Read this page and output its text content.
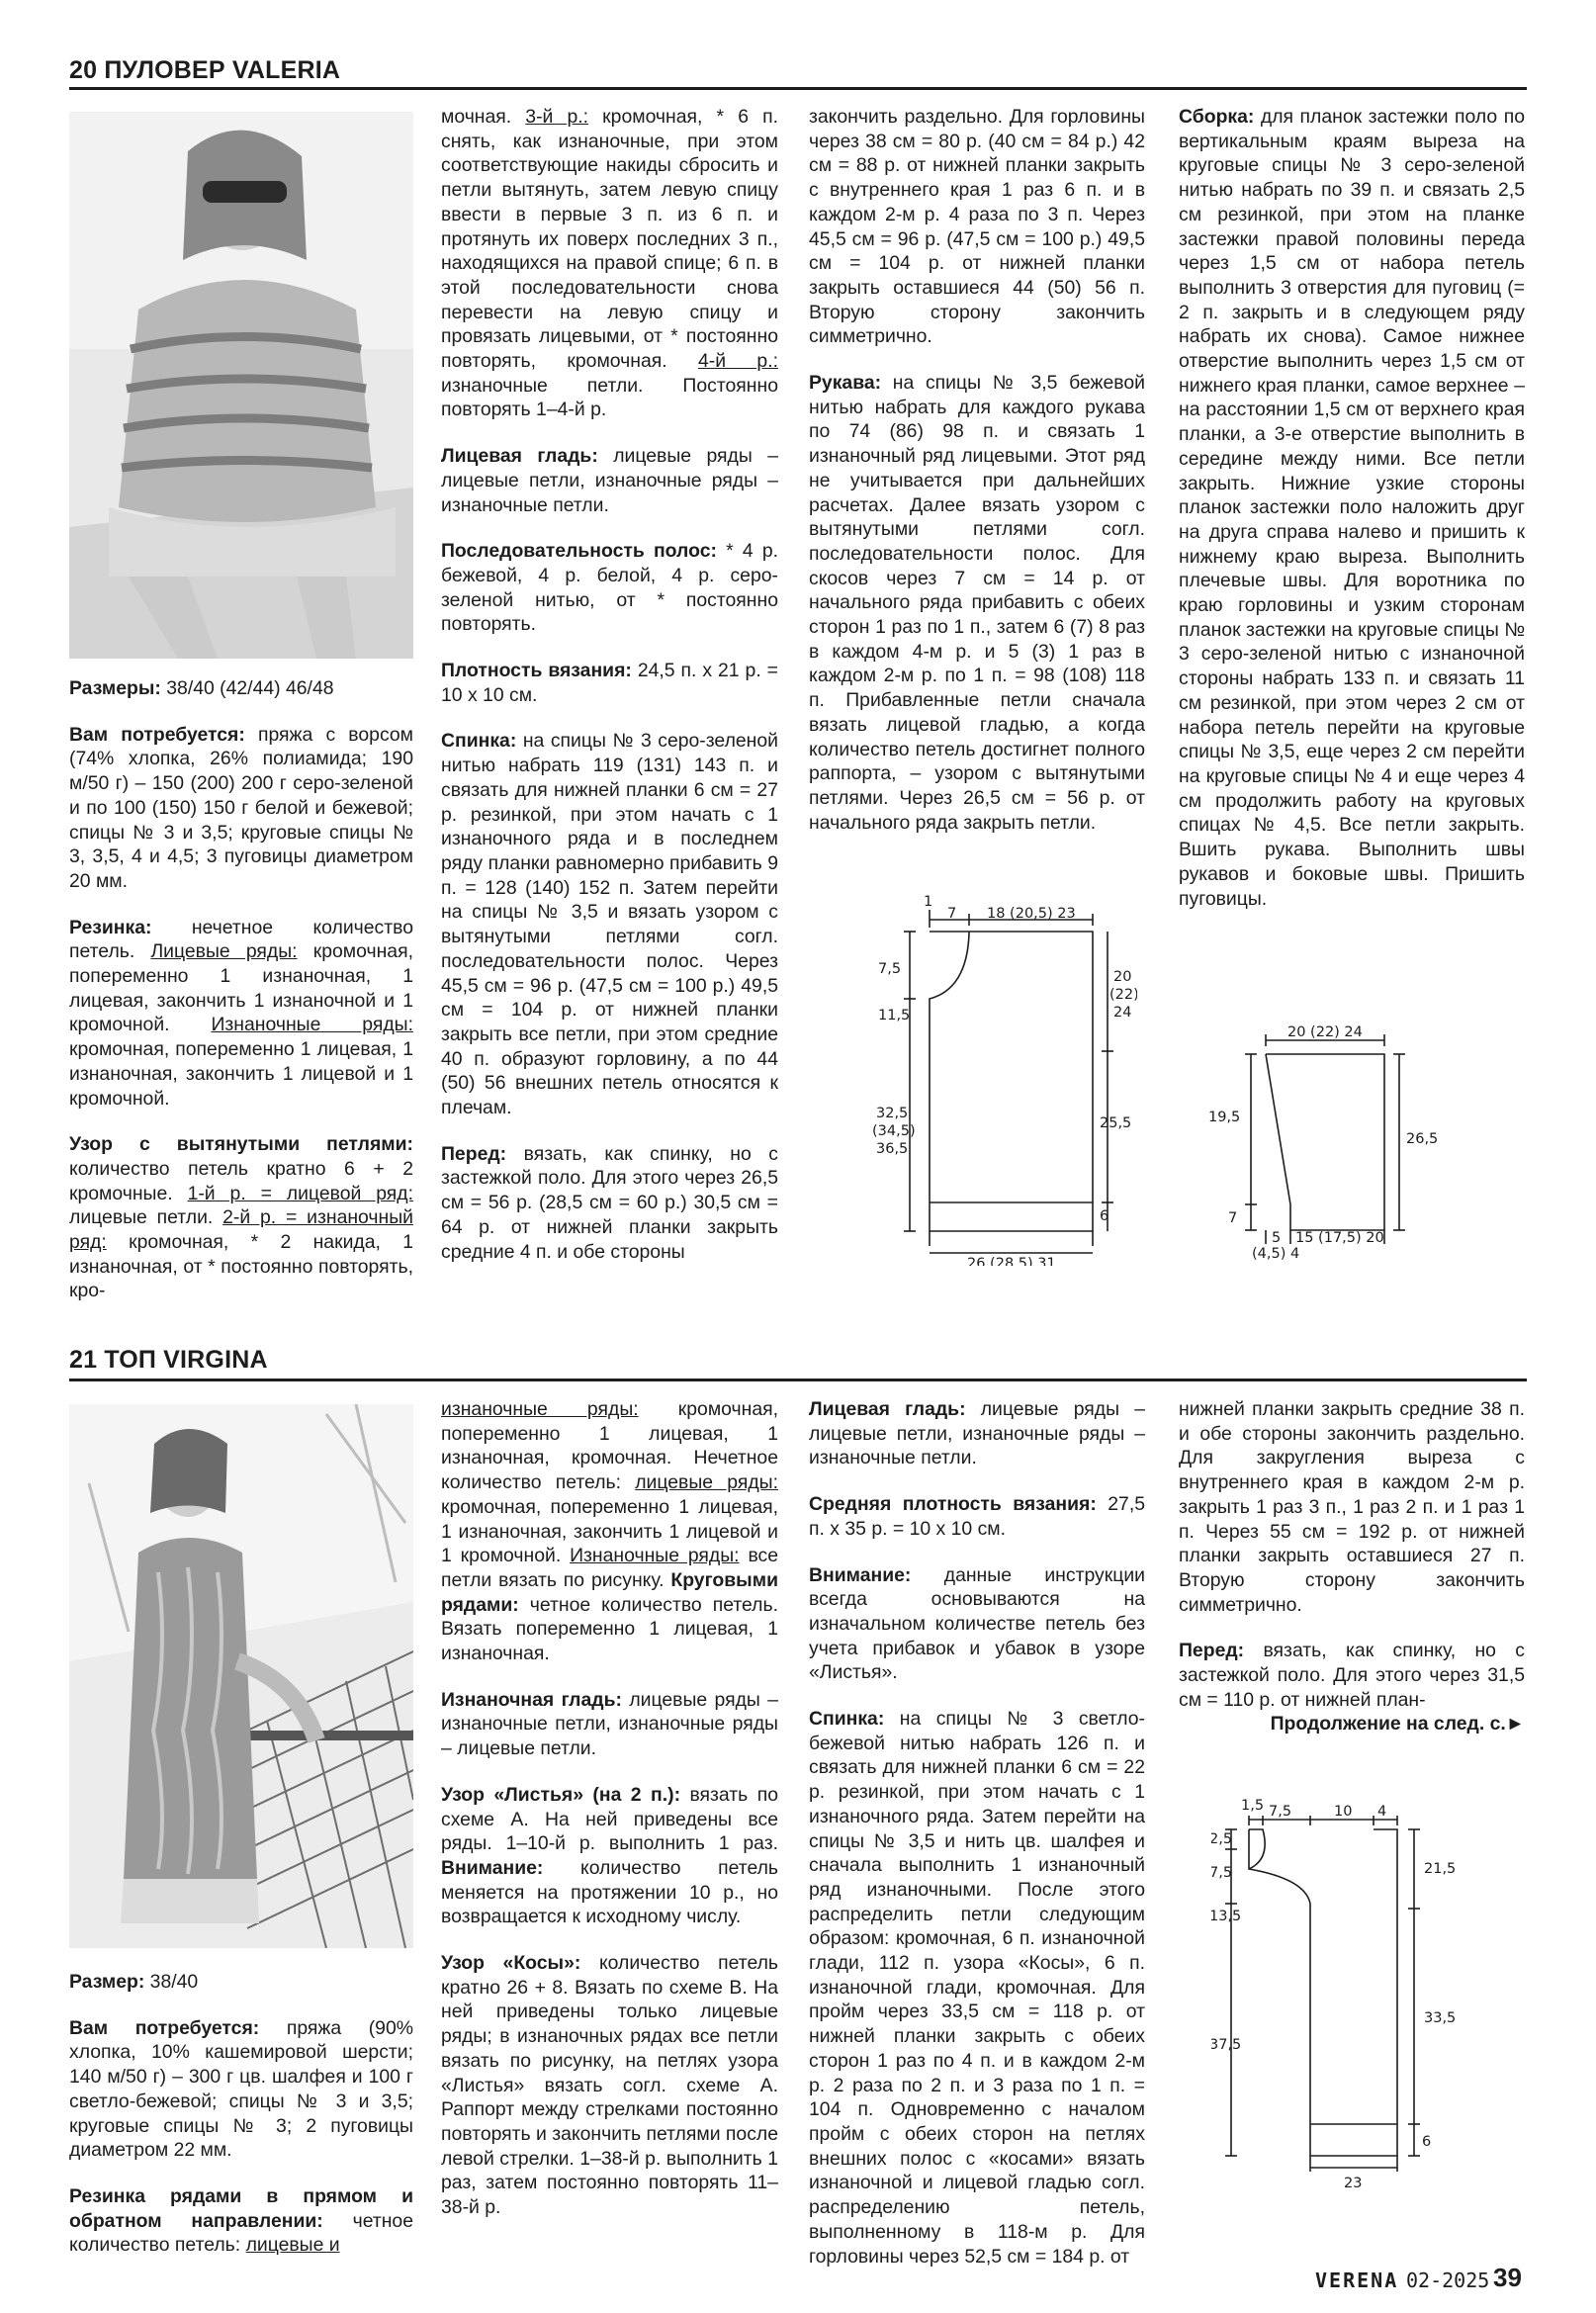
20 ПУЛОВЕР VALERIA

Размеры: 38/40 (42/44) 46/48

Вам потребуется: пряжа с ворсом (74% хлопка, 26% полиамида; 190 м/50 г) – 150 (200) 200 г серо-зеленой и по 100 (150) 150 г белой и бежевой; спицы № 3 и 3,5; круговые спицы № 3, 3,5, 4 и 4,5; 3 пуговицы диаметром 20 мм.

Резинка: нечетное количество петель. Лицевые ряды: кромочная, попеременно 1 изнаночная, 1 лицевая, закончить 1 изнаночной и 1 кромочной. Изнаночные ряды: кромочная, попеременно 1 лицевая, 1 изнаночная, закончить 1 лицевой и 1 кромочной.

Узор с вытянутыми петлями: количество петель кратно 6 + 2 кромочные. 1-й р. = лицевой ряд: лицевые петли. 2-й р. = изнаночный ряд: кромочная, * 2 накида, 1 изнаночная, от * постоянно повторять, кро-

мочная. 3-й р.: кромочная, * 6 п. снять, как изнаночные, при этом соответствующие накиды сбросить и петли вытянуть, затем левую спицу ввести в первые 3 п. из 6 п. и протянуть их поверх последних 3 п., находящихся на правой спице; 6 п. в этой последовательности снова перевести на левую спицу и провязать лицевыми, от * постоянно повторять, кромочная. 4-й р.: изнаночные петли. Постоянно повторять 1–4-й р.

Лицевая гладь: лицевые ряды – лицевые петли, изнаночные ряды – изнаночные петли.

Последовательность полос: * 4 р. бежевой, 4 р. белой, 4 р. серо-зеленой нитью, от * постоянно повторять.

Плотность вязания: 24,5 п. х 21 р. = 10 х 10 см.

Спинка: на спицы № 3 серо-зеленой нитью набрать 119 (131) 143 п. и связать для нижней планки 6 см = 27 р. резинкой, при этом начать с 1 изнаночного ряда и в последнем ряду планки равномерно прибавить 9 п. = 128 (140) 152 п. Затем перейти на спицы № 3,5 и вязать узором с вытянутыми петлями согл. последовательности полос. Через 45,5 см = 96 р. (47,5 см = 100 р.) 49,5 см = 104 р. от нижней планки закрыть все петли, при этом средние 40 п. образуют горловину, а по 44 (50) 56 внешних петель относятся к плечам.

Перед: вязать, как спинку, но с застежкой поло. Для этого через 26,5 см = 56 р. (28,5 см = 60 р.) 30,5 см = 64 р. от нижней планки закрыть средние 4 п. и обе стороны

закончить раздельно. Для горловины через 38 см = 80 р. (40 см = 84 р.) 42 см = 88 р. от нижней планки закрыть с внутреннего края 1 раз 6 п. и в каждом 2-м р. 4 раза по 3 п. Через 45,5 см = 96 р. (47,5 см = 100 р.) 49,5 см = 104 р. от нижней планки закрыть оставшиеся 44 (50) 56 п. Вторую сторону закончить симметрично.

Рукава: на спицы № 3,5 бежевой нитью набрать для каждого рукава по 74 (86) 98 п. и связать 1 изнаночный ряд лицевыми. Этот ряд не учитывается при дальнейших расчетах. Далее вязать узором с вытянутыми петлями согл. последовательности полос. Для скосов через 7 см = 14 р. от начального ряда прибавить с обеих сторон 1 раз по 1 п., затем 6 (7) 8 раз в каждом 4-м р. и 5 (3) 1 раз в каждом 2-м р. по 1 п. = 98 (108) 118 п. Прибавленные петли сначала вязать лицевой гладью, а когда количество петель достигнет полного раппорта, – узором с вытянутыми петлями. Через 26,5 см = 56 р. от начального ряда закрыть петли.

Сборка: для планок застежки поло по вертикальным краям выреза на круговые спицы № 3 серо-зеленой нитью набрать по 39 п. и связать 2,5 см резинкой, при этом на планке застежки правой половины переда через 1,5 см от набора петель выполнить 3 отверстия для пуговиц (= 2 п. закрыть и в следующем ряду набрать их снова). Самое нижнее отверстие выполнить через 1,5 см от нижнего края планки, самое верхнее – на расстоянии 1,5 см от верхнего края планки, а 3-е отверстие выполнить в середине между ними. Все петли закрыть. Нижние узкие стороны планок застежки поло наложить друг на друга справа налево и пришить к нижнему краю выреза. Выполнить плечевые швы. Для воротника по краю горловины и узким сторонам планок застежки на круговые спицы № 3 серо-зеленой нитью с изнаночной стороны набрать 133 п. и связать 11 см резинкой, при этом через 2 см от набора петель перейти на круговые спицы № 3,5, еще через 2 см перейти на круговые спицы № 4 и еще через 4 см продолжить работу на круговых спицах № 4,5. Все петли закрыть. Вшить рукава. Выполнить швы рукавов и боковые швы. Пришить пуговицы.

1
7 18 (20,5) 23
7,5
11,5
20
(22)
24
25,5
32,5
(34,5)
36,5
6
26 (28,5) 31
20 (22) 24
19,5
26,5
7
5
(4,5) 4
15 (17,5) 20
21 ТОП VIRGINA

Размер: 38/40

Вам потребуется: пряжа (90% хлопка, 10% кашемировой шерсти; 140 м/50 г) – 300 г цв. шалфея и 100 г светло-бежевой; спицы № 3 и 3,5; круговые спицы № 3; 2 пуговицы диаметром 22 мм.

Резинка рядами в прямом и обратном направлении: четное количество петель: лицевые и

изнаночные ряды: кромочная, попеременно 1 лицевая, 1 изнаночная, кромочная. Нечетное количество петель: лицевые ряды: кромочная, попеременно 1 лицевая, 1 изнаночная, закончить 1 лицевой и 1 кромочной. Изнаночные ряды: все петли вязать по рисунку. Круговыми рядами: четное количество петель. Вязать попеременно 1 лицевая, 1 изнаночная.

Изнаночная гладь: лицевые ряды – изнаночные петли, изнаночные ряды – лицевые петли.

Узор «Листья» (на 2 п.): вязать по схеме А. На ней приведены все ряды. 1–10-й р. выполнить 1 раз. Внимание: количество петель меняется на протяжении 10 р., но возвращается к исходному числу.

Узор «Косы»: количество петель кратно 26 + 8. Вязать по схеме В. На ней приведены только лицевые ряды; в изнаночных рядах все петли вязать по рисунку, на петлях узора «Листья» вязать согл. схеме А. Раппорт между стрелками постоянно повторять и закончить петлями после левой стрелки. 1–38-й р. выполнить 1 раз, затем постоянно повторять 11–38-й р.

Лицевая гладь: лицевые ряды – лицевые петли, изнаночные ряды – изнаночные петли.

Средняя плотность вязания: 27,5 п. х 35 р. = 10 х 10 см.

Внимание: данные инструкции всегда основываются на изначальном количестве петель без учета прибавок и убавок в узоре «Листья».

Спинка: на спицы № 3 светло-бежевой нитью набрать 126 п. и связать для нижней планки 6 см = 22 р. резинкой, при этом начать с 1 изнаночного ряда. Затем перейти на спицы № 3,5 и нить цв. шалфея и сначала выполнить 1 изнаночный ряд изнаночными. После этого распределить петли следующим образом: кромочная, 6 п. изнаночной глади, 112 п. узора «Косы», 6 п. изнаночной глади, кромочная. Для пройм через 33,5 см = 118 р. от нижней планки закрыть с обеих сторон 1 раз по 4 п. и в каждом 2-м р. 2 раза по 2 п. и 3 раза по 1 п. = 104 п. Одновременно с началом пройм с обеих сторон на петлях внешних полос с «косами» вязать изнаночной и лицевой гладью согл. распределению петель, выполненному в 118-м р. Для горловины через 52,5 см = 184 р. от

нижней планки закрыть средние 38 п. и обе стороны закончить раздельно. Для закругления выреза с внутреннего края в каждом 2-м р. закрыть 1 раз 3 п., 1 раз 2 п. и 1 раз 1 п. Через 55 см = 192 р. от нижней планки закрыть оставшиеся 27 п. Вторую сторону закончить симметрично.

Перед: вязать, как спинку, но с застежкой поло. Для этого через 31,5 см = 110 р. от нижней план-

Продолжение на след. с.►
1,5 7,5	10 4
2,5
7,5
13,5
21,5
33,5
37,5
6
23
VERENA 02-2025 39
